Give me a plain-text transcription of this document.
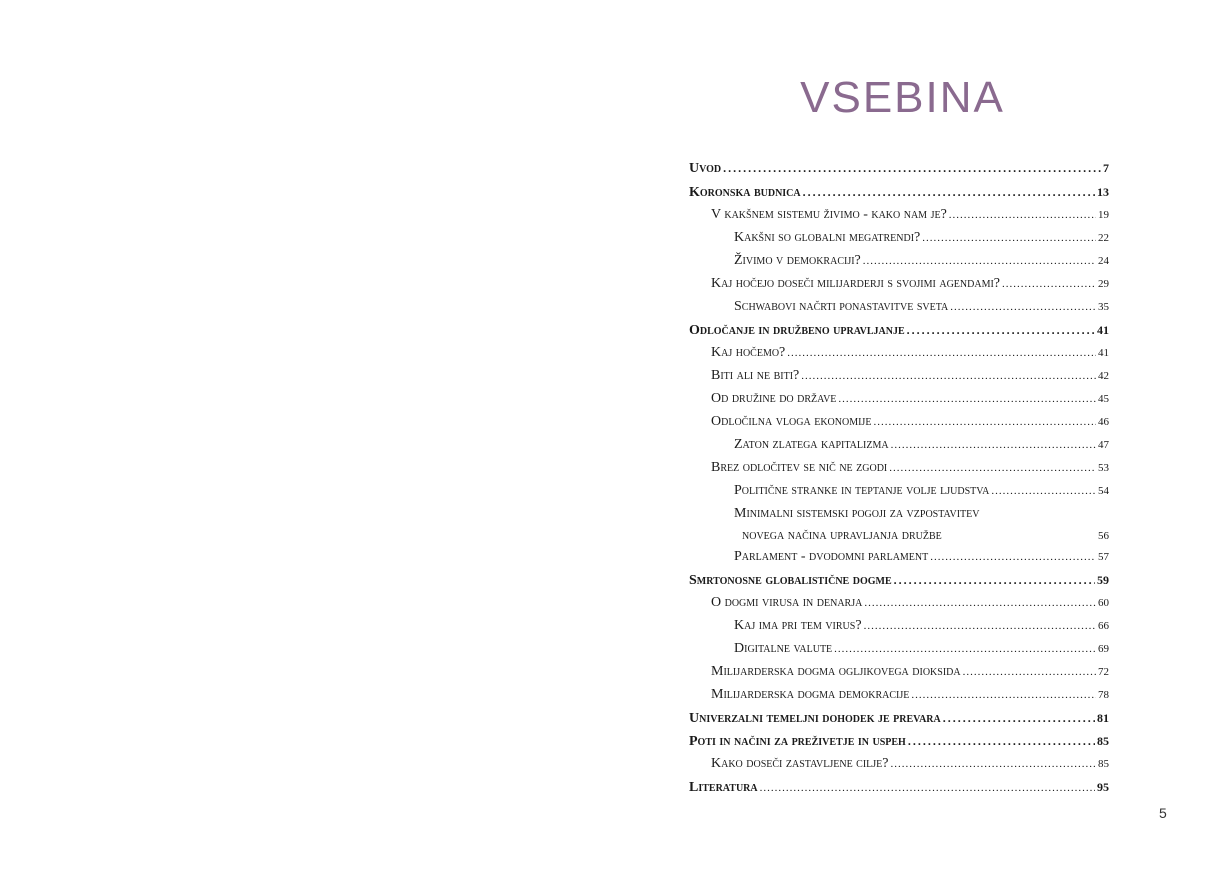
VSEBINA
Uvod .....	7
Koronska budnica .....	13
V kakšnem sistemu živimo - kako nam je? .....	19
Kakšni so globalni megatrendi? .....	22
Živimo v demokraciji? .....	24
Kaj hočejo doseči milijarderji s svojimi agendami? .....	29
Schwabovi načrti ponastavitve sveta .....	35
Odločanje in družbeno upravljanje .....	41
Kaj hočemo? .....	41
Biti ali ne biti? .....	42
Od družine do države .....	45
Odločilna vloga ekonomije .....	46
Zaton zlatega kapitalizma .....	47
Brez odločitev se nič ne zgodi .....	53
Politične stranke in teptanje volje ljudstva .....	54
Minimalni sistemski pogoji za vzpostavitev
novega načina upravljanja družbe	56
Parlament - dvodomni parlament .....	57
Smrtonosne globalistične dogme .....	59
O dogmi virusa in denarja .....	60
Kaj ima pri tem virus? .....	66
Digitalne valute .....	69
Milijarderska dogma ogljikovega dioksida .....	72
Milijarderska dogma demokracije .....	78
Univerzalni temeljni dohodek je prevara .....	81
Poti in načini za preživetje in uspeh .....	85
Kako doseči zastavljene cilje? .....	85
Literatura .....	95
5
